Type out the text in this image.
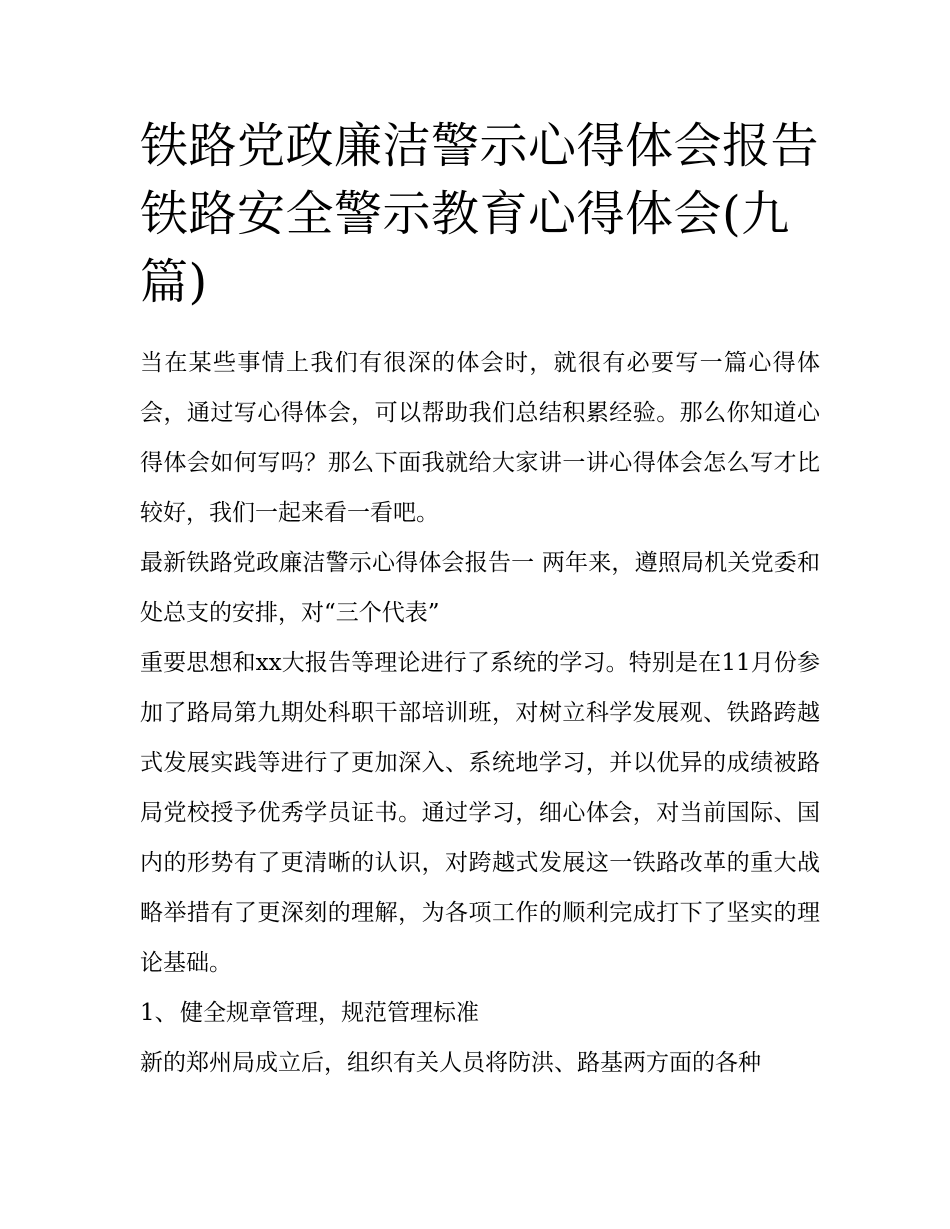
铁路党政廉洁警示心得体会报告 铁路安全警示教育心得体会(九篇)

当在某些事情上我们有很深的体会时，就很有必要写一篇心得体会，通过写心得体会，可以帮助我们总结积累经验。那么你知道心得体会如何写吗？那么下面我就给大家讲一讲心得体会怎么写才比较好，我们一起来看一看吧。

最新铁路党政廉洁警示心得体会报告一 两年来，遵照局机关党委和处总支的安排，对“三个代表”

重要思想和xx大报告等理论进行了系统的学习。特别是在11月份参加了路局第九期处科职干部培训班，对树立科学发展观、铁路跨越式发展实践等进行了更加深入、系统地学习，并以优异的成绩被路局党校授予优秀学员证书。通过学习，细心体会，对当前国际、国内的形势有了更清晰的认识，对跨越式发展这一铁路改革的重大战略举措有了更深刻的理解，为各项工作的顺利完成打下了坚实的理论基础。

1、 健全规章管理，规范管理标准

新的郑州局成立后，组织有关人员将防洪、路基两方面的各种
